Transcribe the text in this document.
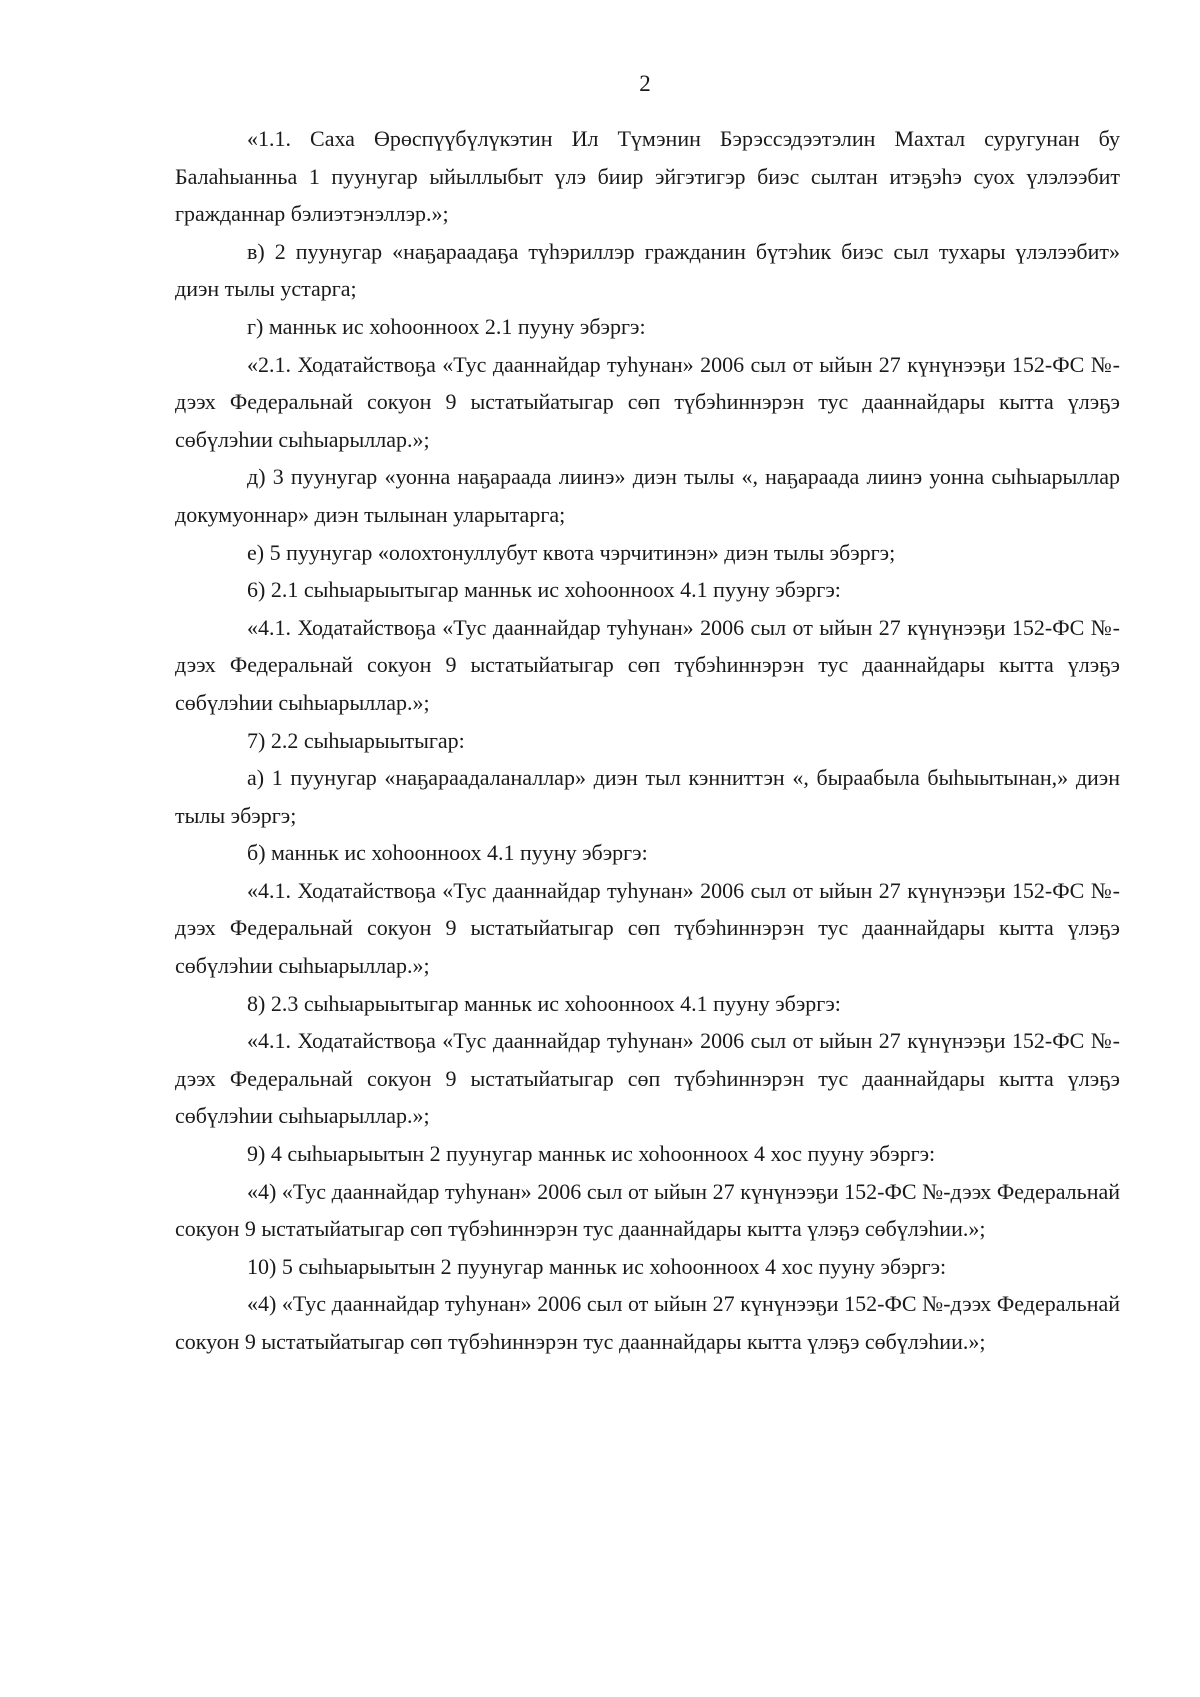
2

«1.1. Саха Өрөспүүбүлүкэтин Ил Түмэнин Бэрэссэдээтэлин Махтал суругунан бу Балаһыанньа 1 пуунугар ыйыллыбыт үлэ биир эйгэтигэр биэс сылтан итэҕэһэ суох үлэлээбит гражданнар бэлиэтэнэллэр.»;

в) 2 пуунугар «наҕараадаҕа түһэриллэр гражданин бүтэһик биэс сыл тухары үлэлээбит» диэн тылы устарга;

г) манньк ис хоһоонноох 2.1 пууну эбэргэ:

«2.1. Ходатайствоҕа «Тус дааннайдар туһунан» 2006 сыл от ыйын 27 күнүнээҕи 152-ФС №-дээх Федеральнай сокуон 9 ыстатыйатыгар сөп түбэһиннэрэн тус дааннайдары кытта үлэҕэ сөбүлэһии сыһыарыллар.»;

д) 3 пуунугар «уонна наҕараада лиинэ» диэн тылы «, наҕараада лиинэ уонна сыһыарыллар докумуоннар» диэн тылынан уларытарга;

е) 5 пуунугар «олохтонуллубут квота чэрчитинэн» диэн тылы эбэргэ;

6) 2.1 сыһыарыытыгар манньк ис хоһоонноох 4.1 пууну эбэргэ:

«4.1. Ходатайствоҕа «Тус дааннайдар туһунан» 2006 сыл от ыйын 27 күнүнээҕи 152-ФС №-дээх Федеральнай сокуон 9 ыстатыйатыгар сөп түбэһиннэрэн тус дааннайдары кытта үлэҕэ сөбүлэһии сыһыарыллар.»;

7) 2.2 сыһыарыытыгар:

а) 1 пуунугар «наҕараадаланаллар» диэн тыл кэнниттэн «, быраабыла быһыытынан,» диэн тылы эбэргэ;

б) манньк ис хоһоонноох 4.1 пууну эбэргэ:

«4.1. Ходатайствоҕа «Тус дааннайдар туһунан» 2006 сыл от ыйын 27 күнүнээҕи 152-ФС №-дээх Федеральнай сокуон 9 ыстатыйатыгар сөп түбэһиннэрэн тус дааннайдары кытта үлэҕэ сөбүлэһии сыһыарыллар.»;

8) 2.3 сыһыарыытыгар манньк ис хоһоонноох 4.1 пууну эбэргэ:

«4.1. Ходатайствоҕа «Тус дааннайдар туһунан» 2006 сыл от ыйын 27 күнүнээҕи 152-ФС №-дээх Федеральнай сокуон 9 ыстатыйатыгар сөп түбэһиннэрэн тус дааннайдары кытта үлэҕэ сөбүлэһии сыһыарыллар.»;

9) 4 сыһыарыытын 2 пуунугар манньк ис хоһоонноох 4 хос пууну эбэргэ:

«4) «Тус дааннайдар туһунан» 2006 сыл от ыйын 27 күнүнээҕи 152-ФС №-дээх Федеральнай сокуон 9 ыстатыйатыгар сөп түбэһиннэрэн тус дааннайдары кытта үлэҕэ сөбүлэһии.»;

10) 5 сыһыарыытын 2 пуунугар манньк ис хоһоонноох 4 хос пууну эбэргэ:

«4) «Тус дааннайдар туһунан» 2006 сыл от ыйын 27 күнүнээҕи 152-ФС №-дээх Федеральнай сокуон 9 ыстатыйатыгар сөп түбэһиннэрэн тус дааннайдары кытта үлэҕэ сөбүлэһии.»;
